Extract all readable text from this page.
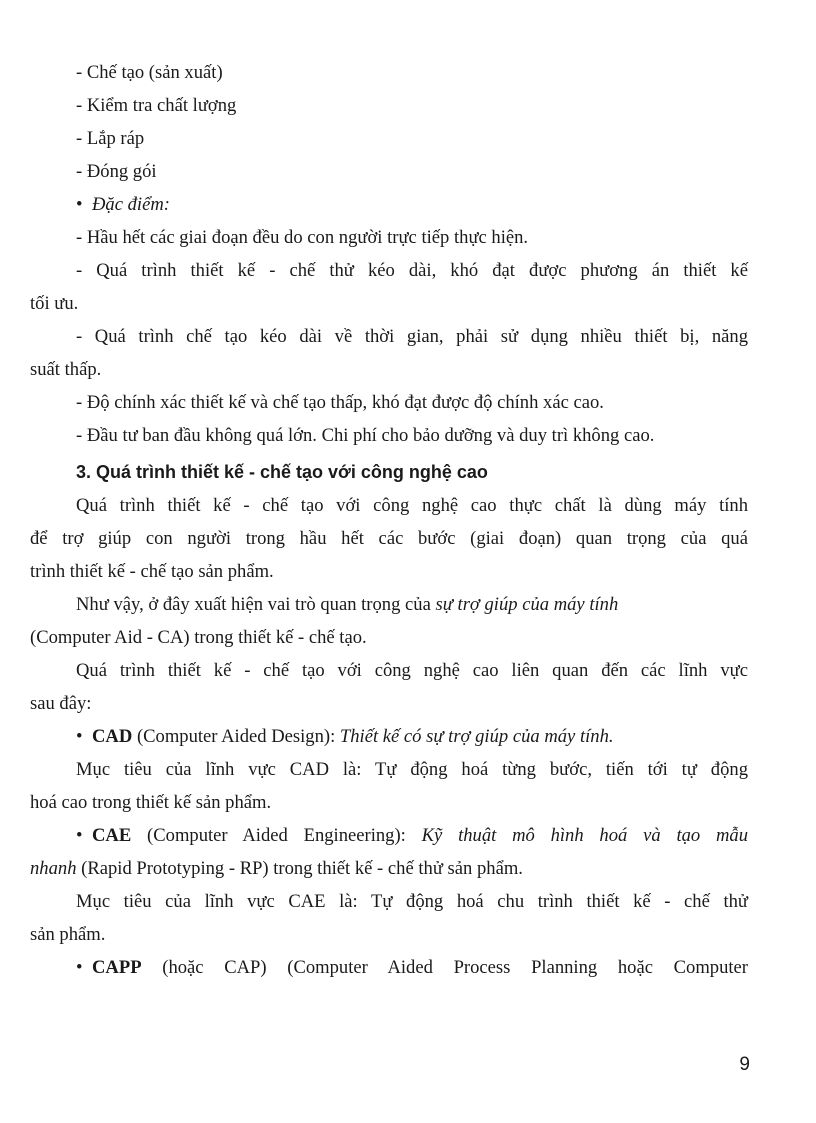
- Chế tạo (sản xuất)

- Kiểm tra chất lượng

- Lắp ráp

- Đóng gói

• Đặc điểm:

- Hầu hết các giai đoạn đều do con người trực tiếp thực hiện.

- Quá trình thiết kế - chế thử kéo dài, khó đạt được phương án thiết kế

tối ưu.

- Quá trình chế tạo kéo dài về thời gian, phải sử dụng nhiều thiết bị, năng

suất thấp.

- Độ chính xác thiết kế và chế tạo thấp, khó đạt được độ chính xác cao.

- Đầu tư ban đầu không quá lớn. Chi phí cho bảo dưỡng và duy trì không cao.

3. Quá trình thiết kế - chế tạo với công nghệ cao

Quá trình thiết kế - chế tạo với công nghệ cao thực chất là dùng máy tính

để trợ giúp con người trong hầu hết các bước (giai đoạn) quan trọng của quá

trình thiết kế - chế tạo sản phẩm.

Như vậy, ở đây xuất hiện vai trò quan trọng của sự trợ giúp của máy tính

(Computer Aid - CA) trong thiết kế - chế tạo.

Quá trình thiết kế - chế tạo với công nghệ cao liên quan đến các lĩnh vực

sau đây:

• CAD (Computer Aided Design): Thiết kế có sự trợ giúp của máy tính.

Mục tiêu của lĩnh vực CAD là: Tự động hoá từng bước, tiến tới tự động

hoá cao trong thiết kế sản phẩm.

• CAE (Computer Aided Engineering): Kỹ thuật mô hình hoá và tạo mẫu

nhanh (Rapid Prototyping - RP) trong thiết kế - chế thử sản phẩm.

Mục tiêu của lĩnh vực CAE là: Tự động hoá chu trình thiết kế - chế thử

sản phẩm.

• CAPP (hoặc CAP) (Computer Aided Process Planning hoặc Computer

9
